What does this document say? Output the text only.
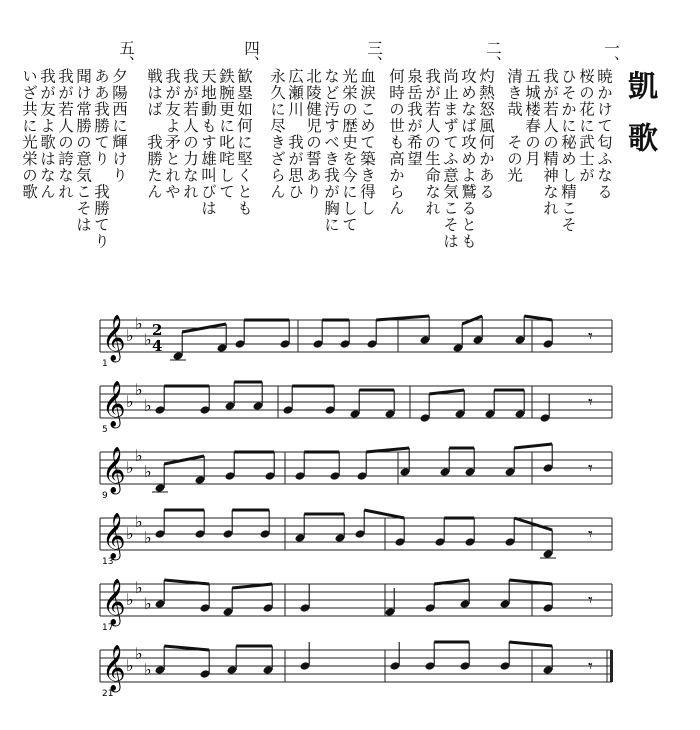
凱歌
一、
暁かけて匂ふなる
桜の花に武士が
ひそかに秘めし精こそ
我が若人の精神なれ
五城楼春の月
清き哉　その光
二、
灼熱怒風何かある
攻めなば攻めよ鷲るとも
尚止まずてふ意気こそは
我が若人の生命なれ
泉岳我が希望
何時の世も高からん
三、
血涙こめて築き得し
光栄の歴史を今にして
など汚すべき我が胸に
北陵健児の誓あり
広瀬川　我が思ひ
永久に尽きざらん
四、
歓塁如何に堅くとも
鉄腕更に叱咤して
天地動もす雄叫びは
我が若人の力なれ
我が友よ矛とれや
戦はば　我勝たん
五、
夕陽西に輝けり
ああ我勝てり　我勝てり
聞け常勝の意気こそは
我が若人の誇なれ
我が友よ歌はなん
いざ共に光栄の歌
𝄞 ♭
♭
♭ 2
4
1
𝄾
𝄞 ♭
♭
♭
5
𝄾
𝄞 ♭
♭
♭
9
𝄾
𝄞 ♭
♭
♭
13
𝄾
𝄞 ♭
♭
♭
17
𝄾
𝄞 ♭
♭
♭
21
𝄾
